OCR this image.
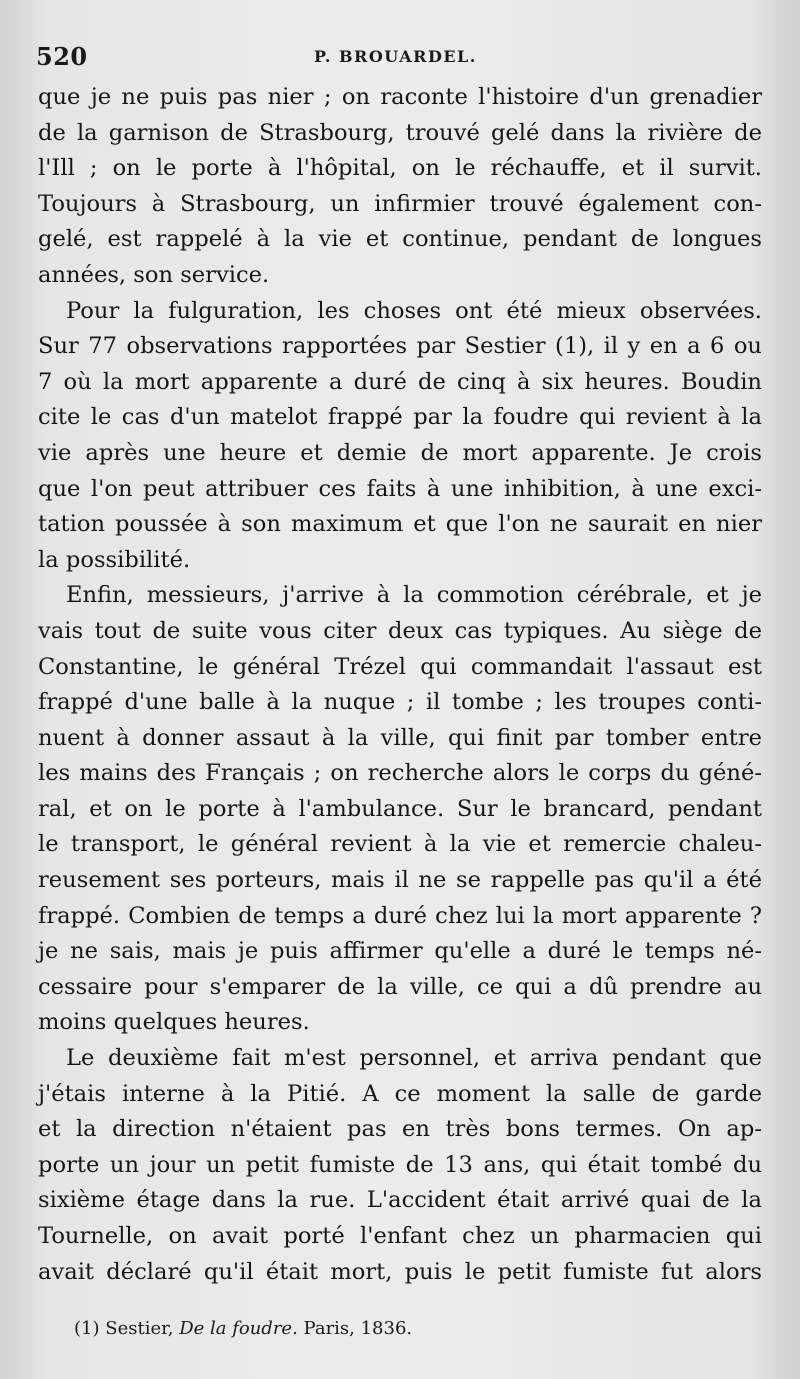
520	P. BROUARDEL.
que je ne puis pas nier ; on raconte l'histoire d'un grenadier
de la garnison de Strasbourg, trouvé gelé dans la rivière de
l'Ill ; on le porte à l'hôpital, on le réchauffe, et il survit.
Toujours à Strasbourg, un infirmier trouvé également con-
gelé, est rappelé à la vie et continue, pendant de longues
années, son service.
Pour la fulguration, les choses ont été mieux observées.
Sur 77 observations rapportées par Sestier (1), il y en a 6 ou
7 où la mort apparente a duré de cinq à six heures. Boudin
cite le cas d'un matelot frappé par la foudre qui revient à la
vie après une heure et demie de mort apparente. Je crois
que l'on peut attribuer ces faits à une inhibition, à une exci-
tation poussée à son maximum et que l'on ne saurait en nier
la possibilité.
Enfin, messieurs, j'arrive à la commotion cérébrale, et je
vais tout de suite vous citer deux cas typiques. Au siège de
Constantine, le général Trézel qui commandait l'assaut est
frappé d'une balle à la nuque ; il tombe ; les troupes conti-
nuent à donner assaut à la ville, qui finit par tomber entre
les mains des Français ; on recherche alors le corps du géné-
ral, et on le porte à l'ambulance. Sur le brancard, pendant
le transport, le général revient à la vie et remercie chaleu-
reusement ses porteurs, mais il ne se rappelle pas qu'il a été
frappé. Combien de temps a duré chez lui la mort apparente ?
je ne sais, mais je puis affirmer qu'elle a duré le temps né-
cessaire pour s'emparer de la ville, ce qui a dû prendre au
moins quelques heures.
Le deuxième fait m'est personnel, et arriva pendant que
j'étais interne à la Pitié. A ce moment la salle de garde
et la direction n'étaient pas en très bons termes. On ap-
porte un jour un petit fumiste de 13 ans, qui était tombé du
sixième étage dans la rue. L'accident était arrivé quai de la
Tournelle, on avait porté l'enfant chez un pharmacien qui
avait déclaré qu'il était mort, puis le petit fumiste fut alors
(1) Sestier, De la foudre. Paris, 1836.
